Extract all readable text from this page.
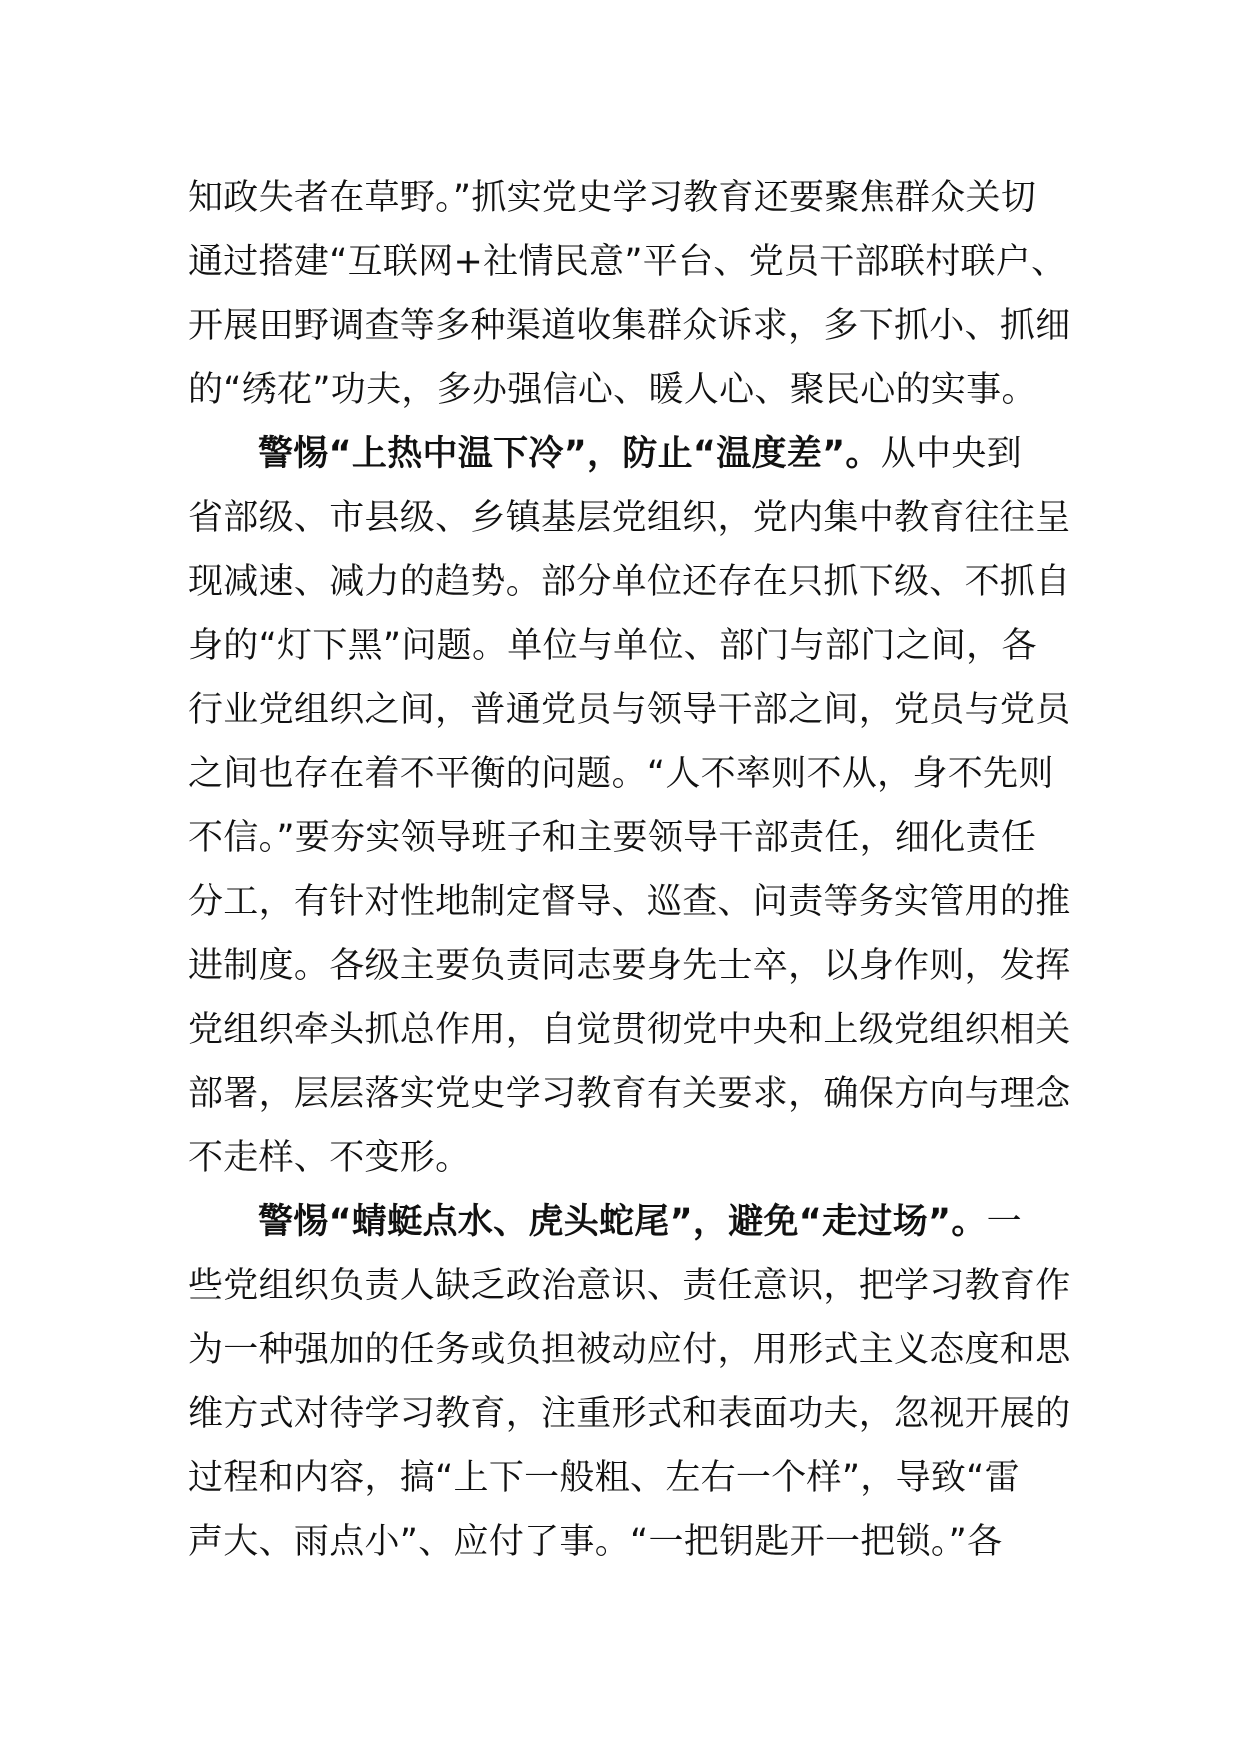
知政失者在草野。”抓实党史学习教育还要聚焦群众关切
通过搭建“互联网+社情民意”平台、党员干部联村联户、
开展田野调查等多种渠道收集群众诉求，多下抓小、抓细
的“绣花”功夫，多办强信心、暖人心、聚民心的实事。
警惕“上热中温下冷”，防止“温度差”。从中央到
省部级、市县级、乡镇基层党组织，党内集中教育往往呈
现减速、减力的趋势。部分单位还存在只抓下级、不抓自
身的“灯下黑”问题。单位与单位、部门与部门之间，各
行业党组织之间，普通党员与领导干部之间，党员与党员
之间也存在着不平衡的问题。“人不率则不从，身不先则
不信。”要夯实领导班子和主要领导干部责任，细化责任
分工，有针对性地制定督导、巡查、问责等务实管用的推
进制度。各级主要负责同志要身先士卒，以身作则，发挥
党组织牵头抓总作用，自觉贯彻党中央和上级党组织相关
部署，层层落实党史学习教育有关要求，确保方向与理念
不走样、不变形。
警惕“蜻蜓点水、虎头蛇尾”，避免“走过场”。一
些党组织负责人缺乏政治意识、责任意识，把学习教育作
为一种强加的任务或负担被动应付，用形式主义态度和思
维方式对待学习教育，注重形式和表面功夫，忽视开展的
过程和内容，搞“上下一般粗、左右一个样”，导致“雷
声大、雨点小”、应付了事。“一把钥匙开一把锁。”各
